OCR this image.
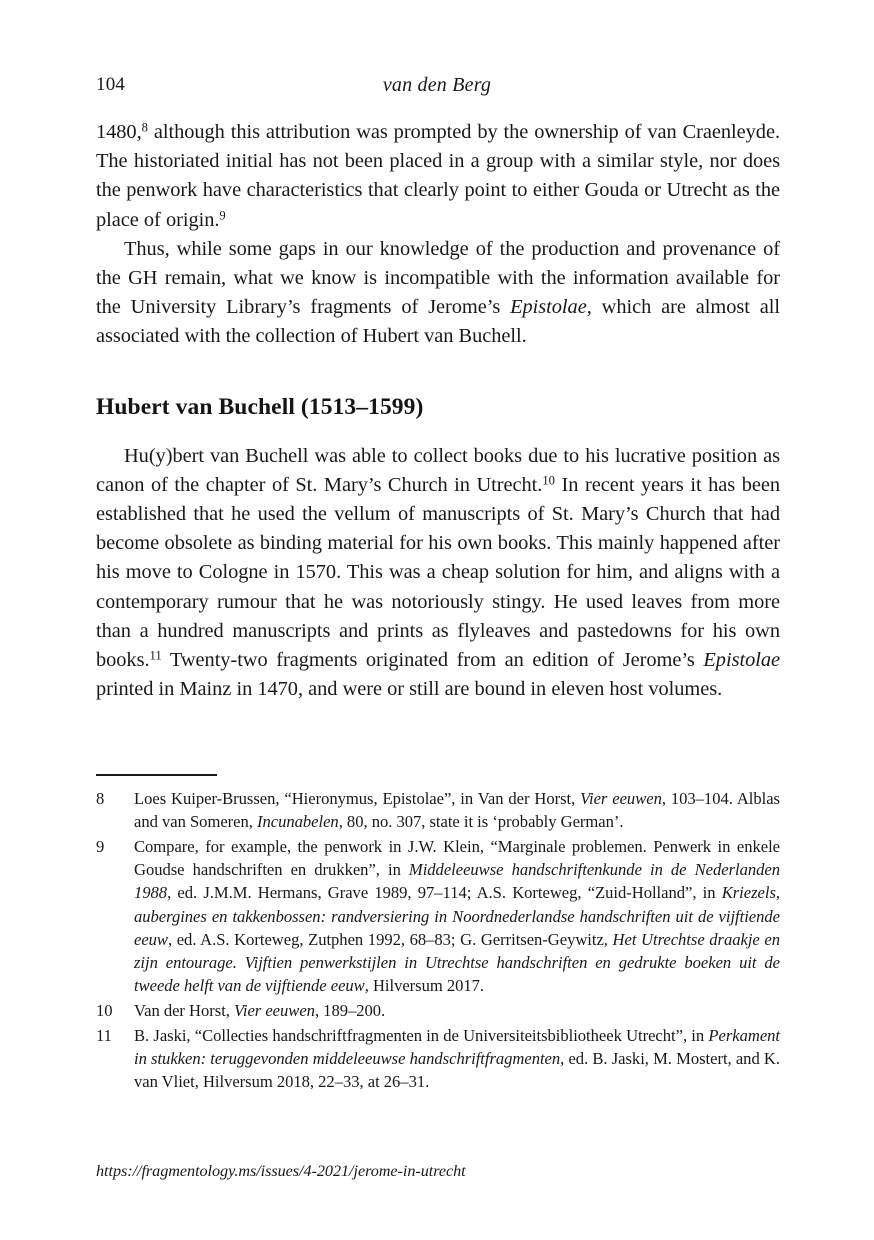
104	van den Berg

1480,$^8$ although this attribution was prompted by the ownership of van Craenleyde. The historiated initial has not been placed in a group with a similar style, nor does the penwork have characteristics that clearly point to either Gouda or Utrecht as the place of origin.$^9$

Thus, while some gaps in our knowledge of the production and provenance of the GH remain, what we know is incompatible with the information available for the University Library’s fragments of Jerome’s Epistolae, which are almost all associated with the collection of Hubert van Buchell.

Hubert van Buchell (1513–1599)

Hu(y)bert van Buchell was able to collect books due to his lucrative position as canon of the chapter of St. Mary’s Church in Utrecht.$^{10}$ In recent years it has been established that he used the vellum of manuscripts of St. Mary’s Church that had become obsolete as binding material for his own books. This mainly happened after his move to Cologne in 1570. This was a cheap solution for him, and aligns with a contemporary rumour that he was notoriously stingy. He used leaves from more than a hundred manuscripts and prints as flyleaves and pastedowns for his own books.$^{11}$ Twenty-two fragments originated from an edition of Jerome’s Epistolae printed in Mainz in 1470, and were or still are bound in eleven host volumes.

8	Loes Kuiper-Brussen, “Hieronymus, Epistolae”, in Van der Horst, Vier eeuwen, 103–104. Alblas and van Someren, Incunabelen, 80, no. 307, state it is ‘probably German’.
9	Compare, for example, the penwork in J.W. Klein, “Marginale problemen. Penwerk in enkele Goudse handschriften en drukken”, in Middeleeuwse handschriftenkunde in de Nederlanden 1988, ed. J.M.M. Hermans, Grave 1989, 97–114; A.S. Korteweg, “Zuid-Holland”, in Kriezels, aubergines en takkenbossen: randversiering in Noordnederlandse handschriften uit de vijftiende eeuw, ed. A.S. Korteweg, Zutphen 1992, 68–83; G. Gerritsen-Geywitz, Het Utrechtse draakje en zijn entourage. Vijftien penwerkstijlen in Utrechtse handschriften en gedrukte boeken uit de tweede helft van de vijftiende eeuw, Hilversum 2017.
10	Van der Horst, Vier eeuwen, 189–200.
11	B. Jaski, “Collecties handschriftfragmenten in de Universiteitsbibliotheek Utrecht”, in Perkament in stukken: teruggevonden middeleeuwse handschriftfragmenten, ed. B. Jaski, M. Mostert, and K. van Vliet, Hilversum 2018, 22–33, at 26–31.
https://fragmentology.ms/issues/4-2021/jerome-in-utrecht
